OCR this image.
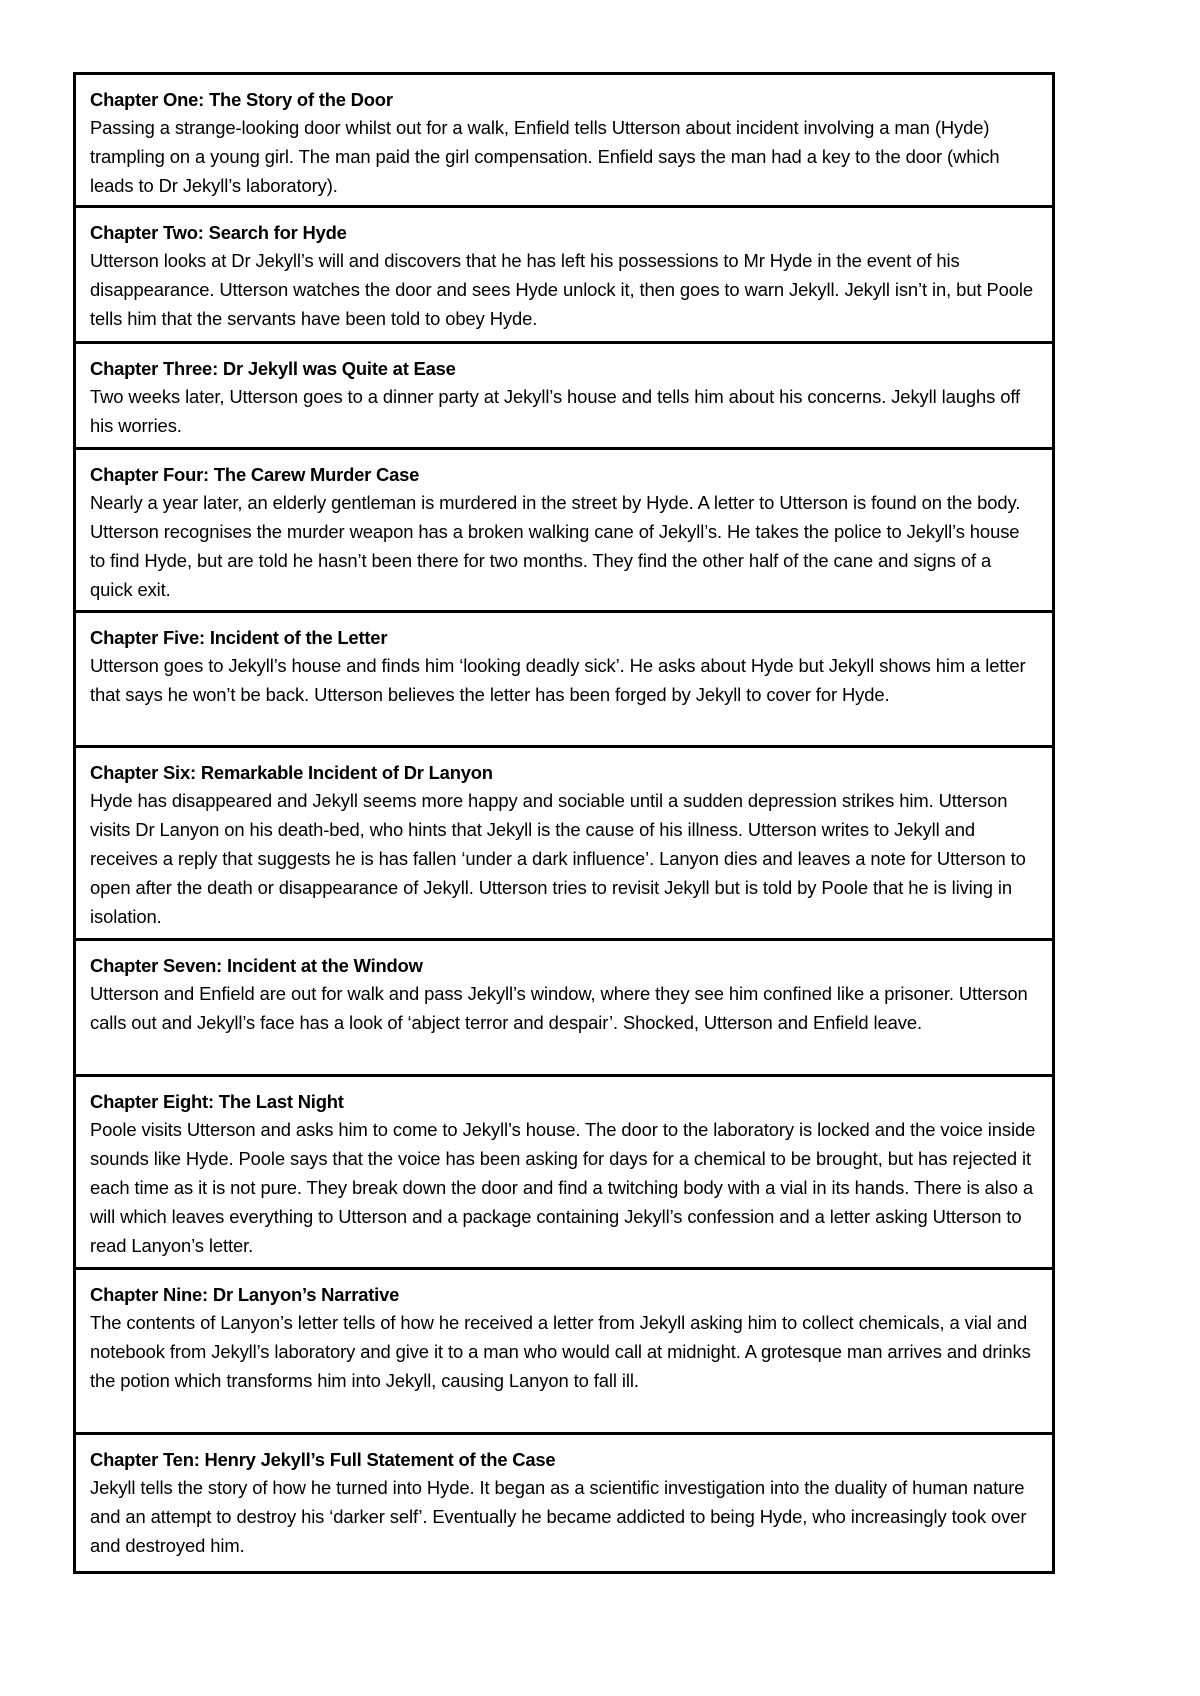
Chapter One: The Story of the Door

Passing a strange-looking door whilst out for a walk, Enfield tells Utterson about incident involving a man (Hyde) trampling on a young girl. The man paid the girl compensation. Enfield says the man had a key to the door (which leads to Dr Jekyll’s laboratory).

Chapter Two: Search for Hyde

Utterson looks at Dr Jekyll’s will and discovers that he has left his possessions to Mr Hyde in the event of his disappearance. Utterson watches the door and sees Hyde unlock it, then goes to warn Jekyll. Jekyll isn’t in, but Poole tells him that the servants have been told to obey Hyde.

Chapter Three: Dr Jekyll was Quite at Ease

Two weeks later, Utterson goes to a dinner party at Jekyll’s house and tells him about his concerns. Jekyll laughs off his worries.

Chapter Four: The Carew Murder Case

Nearly a year later, an elderly gentleman is murdered in the street by Hyde. A letter to Utterson is found on the body. Utterson recognises the murder weapon has a broken walking cane of Jekyll’s. He takes the police to Jekyll’s house to find Hyde, but are told he hasn’t been there for two months. They find the other half of the cane and signs of a quick exit.

Chapter Five: Incident of the Letter

Utterson goes to Jekyll’s house and finds him ‘looking deadly sick’. He asks about Hyde but Jekyll shows him a letter that says he won’t be back. Utterson believes the letter has been forged by Jekyll to cover for Hyde.

Chapter Six: Remarkable Incident of Dr Lanyon

Hyde has disappeared and Jekyll seems more happy and sociable until a sudden depression strikes him. Utterson visits Dr Lanyon on his death-bed, who hints that Jekyll is the cause of his illness. Utterson writes to Jekyll and receives a reply that suggests he is has fallen ‘under a dark influence’. Lanyon dies and leaves a note for Utterson to open after the death or disappearance of Jekyll. Utterson tries to revisit Jekyll but is told by Poole that he is living in isolation.

Chapter Seven: Incident at the Window

Utterson and Enfield are out for walk and pass Jekyll’s window, where they see him confined like a prisoner. Utterson calls out and Jekyll’s face has a look of ‘abject terror and despair’. Shocked, Utterson and Enfield leave.

Chapter Eight: The Last Night

Poole visits Utterson and asks him to come to Jekyll’s house. The door to the laboratory is locked and the voice inside sounds like Hyde. Poole says that the voice has been asking for days for a chemical to be brought, but has rejected it each time as it is not pure. They break down the door and find a twitching body with a vial in its hands. There is also a will which leaves everything to Utterson and a package containing Jekyll’s confession and a letter asking Utterson to read Lanyon’s letter.

Chapter Nine: Dr Lanyon’s Narrative

The contents of Lanyon’s letter tells of how he received a letter from Jekyll asking him to collect chemicals, a vial and notebook from Jekyll’s laboratory and give it to a man who would call at midnight. A grotesque man arrives and drinks the potion which transforms him into Jekyll, causing Lanyon to fall ill.

Chapter Ten: Henry Jekyll’s Full Statement of the Case

Jekyll tells the story of how he turned into Hyde. It began as a scientific investigation into the duality of human nature and an attempt to destroy his ‘darker self’. Eventually he became addicted to being Hyde, who increasingly took over and destroyed him.
